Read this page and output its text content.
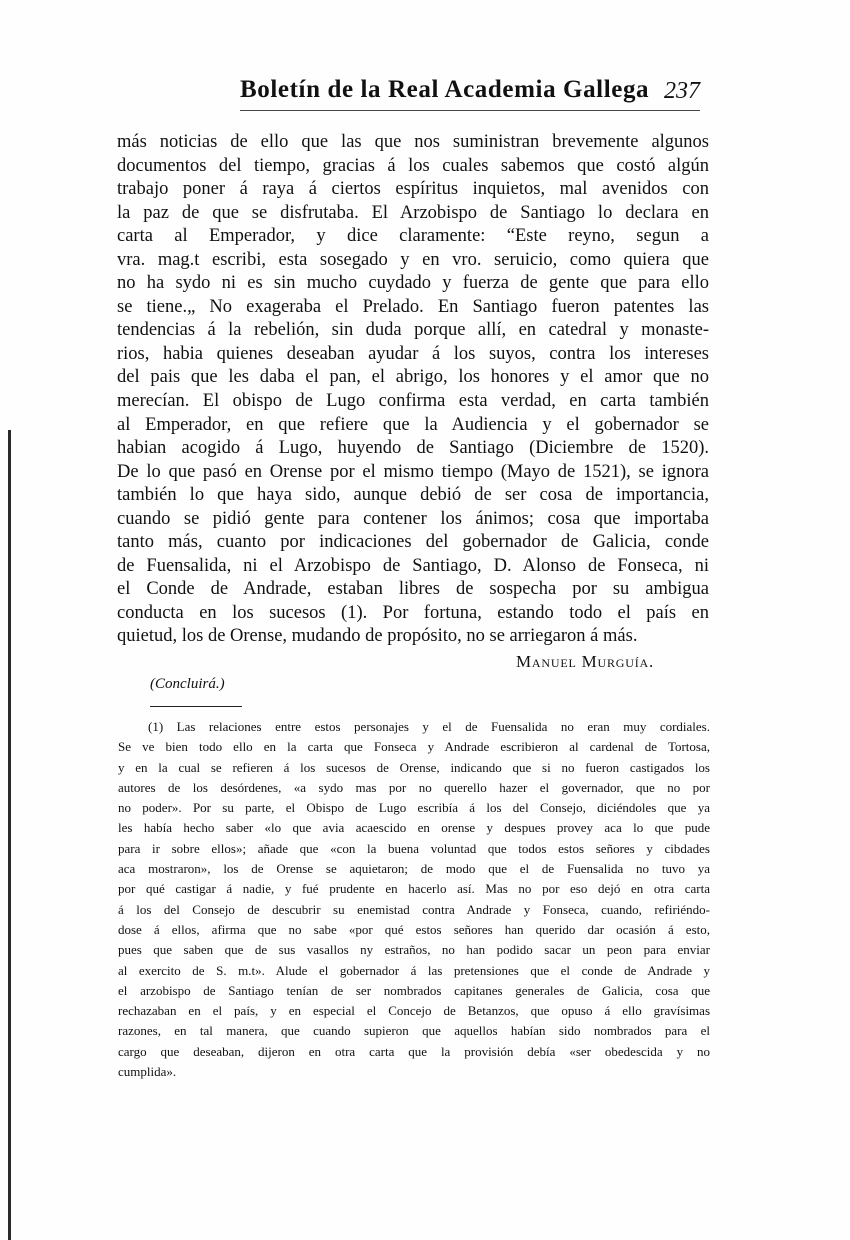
Boletín de la Real Academia Gallega 237
más noticias de ello que las que nos suministran brevemente algunos
documentos del tiempo, gracias á los cuales sabemos que costó algún
trabajo poner á raya á ciertos espíritus inquietos, mal avenidos con
la paz de que se disfrutaba. El Arzobispo de Santiago lo declara en
carta al Emperador, y dice claramente: “Este reyno, segun a
vra. mag.t escribi, esta sosegado y en vro. seruicio, como quiera que
no ha sydo ni es sin mucho cuydado y fuerza de gente que para ello
se tiene.„ No exageraba el Prelado. En Santiago fueron patentes las
tendencias á la rebelión, sin duda porque allí, en catedral y monaste-
rios, habia quienes deseaban ayudar á los suyos, contra los intereses
del pais que les daba el pan, el abrigo, los honores y el amor que no
merecían. El obispo de Lugo confirma esta verdad, en carta también
al Emperador, en que refiere que la Audiencia y el gobernador se
habian acogido á Lugo, huyendo de Santiago (Diciembre de 1520).
De lo que pasó en Orense por el mismo tiempo (Mayo de 1521), se ignora
también lo que haya sido, aunque debió de ser cosa de importancia,
cuando se pidió gente para contener los ánimos; cosa que importaba
tanto más, cuanto por indicaciones del gobernador de Galicia, conde
de Fuensalida, ni el Arzobispo de Santiago, D. Alonso de Fonseca, ni
el Conde de Andrade, estaban libres de sospecha por su ambigua
conducta en los sucesos (1). Por fortuna, estando todo el país en
quietud, los de Orense, mudando de propósito, no se arriegaron á más.
Manuel Murguía.
(Concluirá.)
(1) Las relaciones entre estos personajes y el de Fuensalida no eran muy cordiales.
Se ve bien todo ello en la carta que Fonseca y Andrade escribieron al cardenal de Tortosa,
y en la cual se refieren á los sucesos de Orense, indicando que si no fueron castigados los
autores de los desórdenes, «a sydo mas por no querello hazer el governador, que no por
no poder». Por su parte, el Obispo de Lugo escribía á los del Consejo, diciéndoles que ya
les había hecho saber «lo que avia acaescido en orense y despues provey aca lo que pude
para ir sobre ellos»; añade que «con la buena voluntad que todos estos señores y cibdades
aca mostraron», los de Orense se aquietaron; de modo que el de Fuensalida no tuvo ya
por qué castigar á nadie, y fué prudente en hacerlo así. Mas no por eso dejó en otra carta
á los del Consejo de descubrir su enemistad contra Andrade y Fonseca, cuando, refiriéndo-
dose á ellos, afirma que no sabe «por qué estos señores han querido dar ocasión á esto,
pues que saben que de sus vasallos ny estraños, no han podido sacar un peon para enviar
al exercito de S. m.t». Alude el gobernador á las pretensiones que el conde de Andrade y
el arzobispo de Santiago tenían de ser nombrados capitanes generales de Galicia, cosa que
rechazaban en el país, y en especial el Concejo de Betanzos, que opuso á ello gravísimas
razones, en tal manera, que cuando supieron que aquellos habían sido nombrados para el
cargo que deseaban, dijeron en otra carta que la provisión debía «ser obedescida y no
cumplida».
